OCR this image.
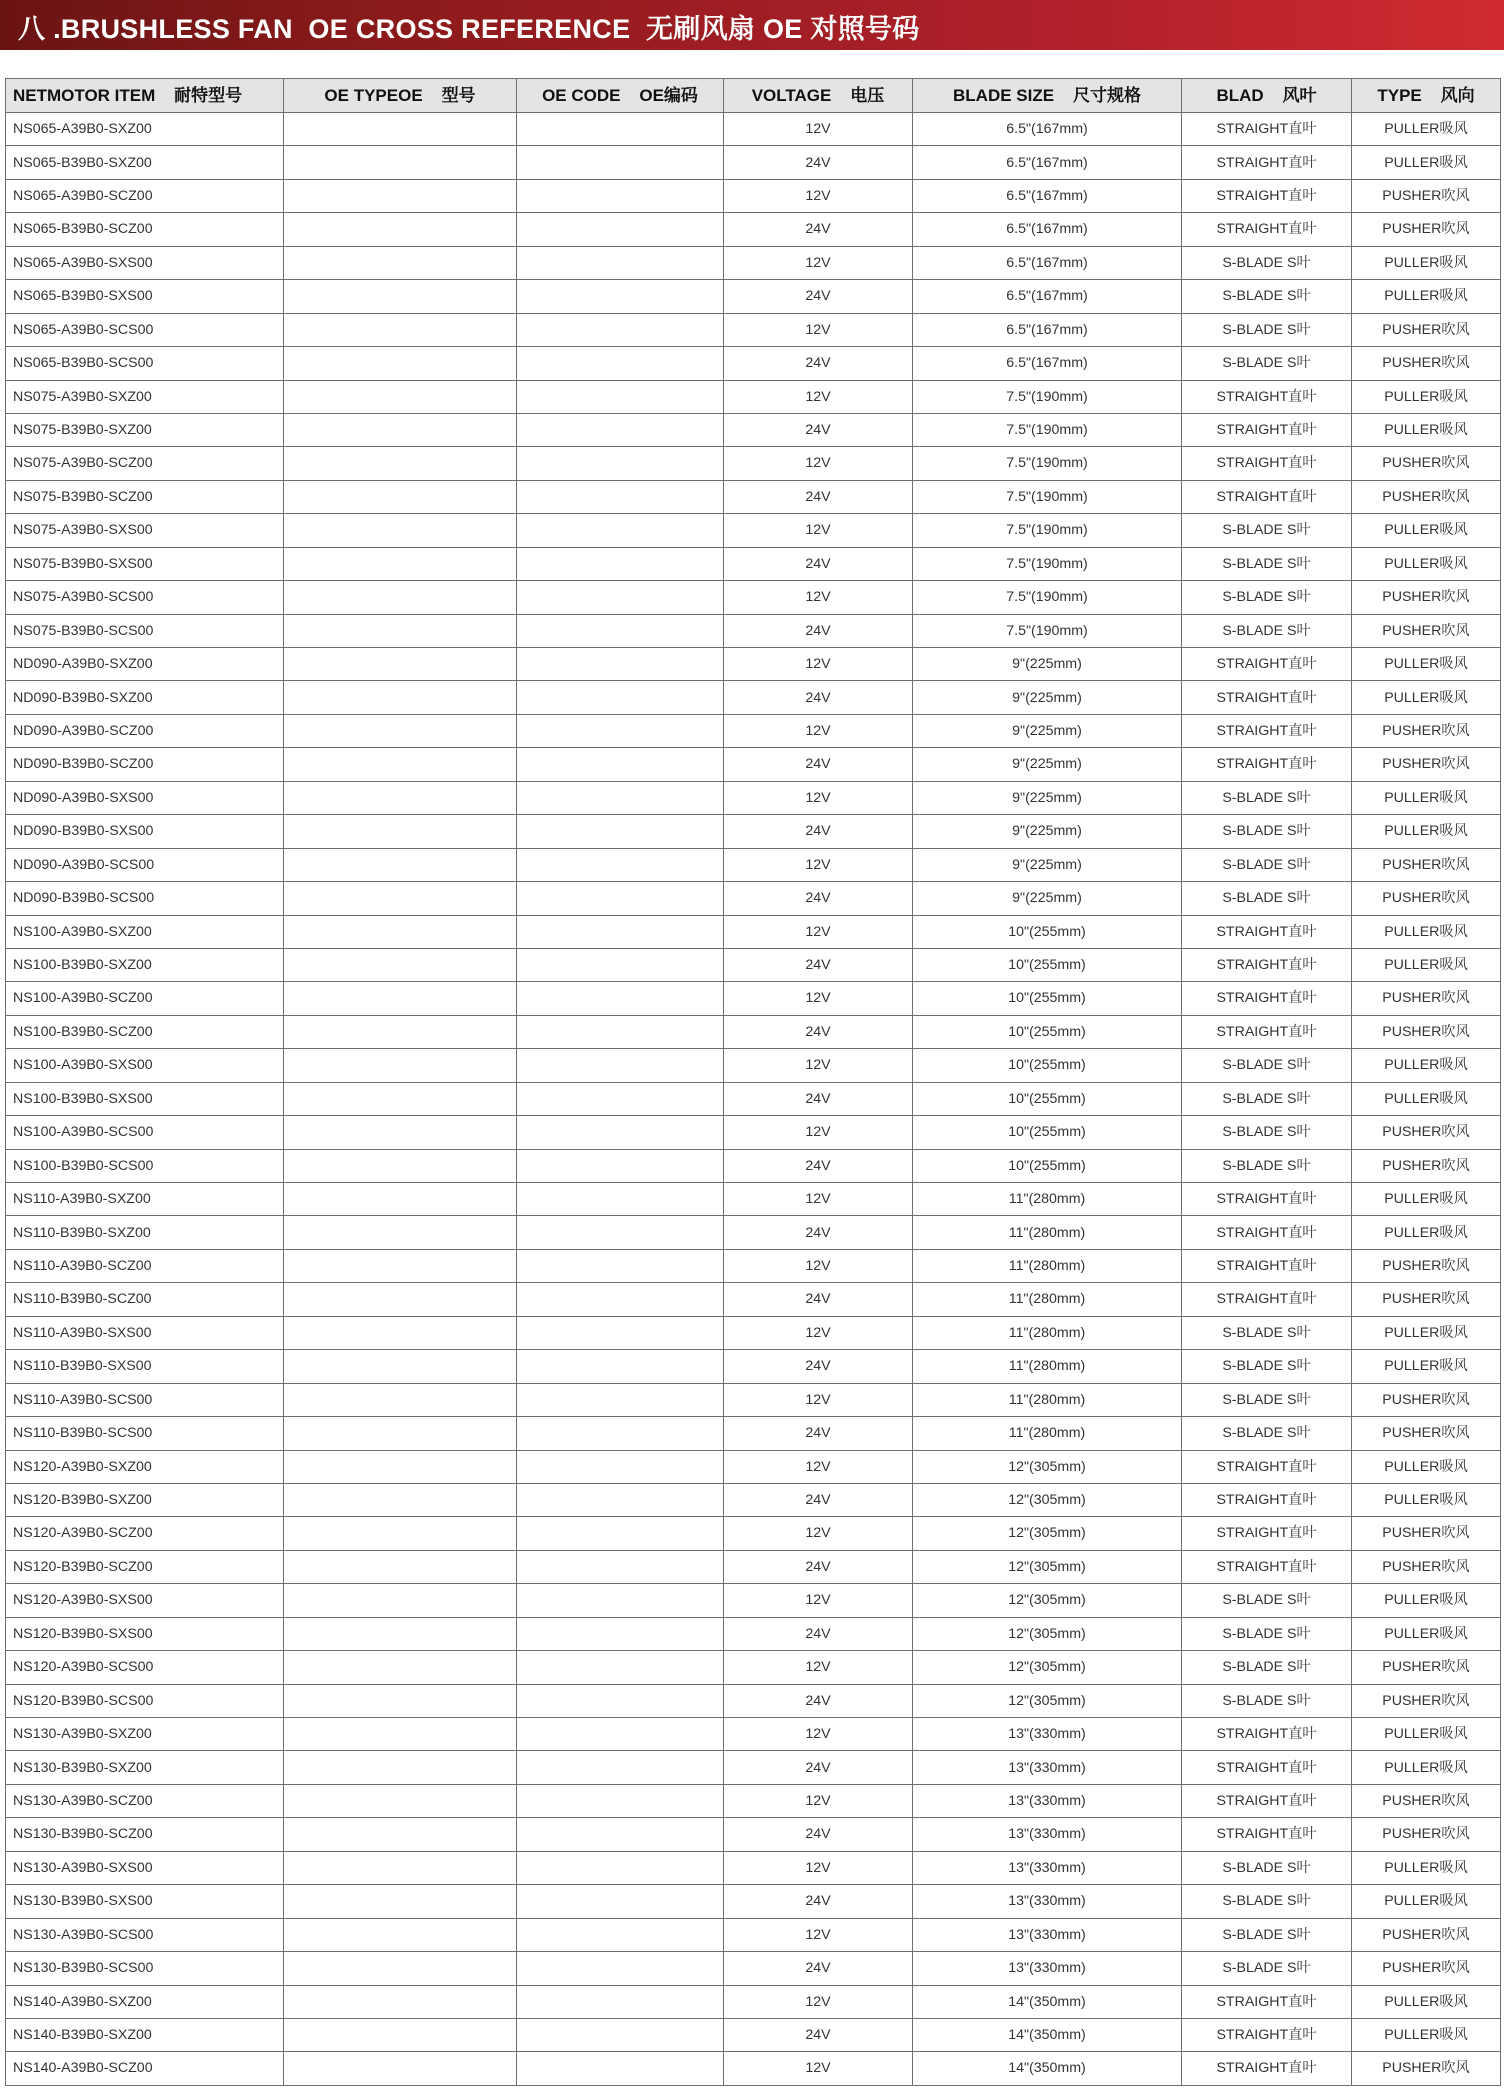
八 .BRUSHLESS FAN  OE CROSS REFERENCE  无刷风扇 OE 对照号码
NETMOTOR ITEM    耐特型号	OE TYPEOE    型号	OE CODE    OE编码	VOLTAGE    电压	BLADE SIZE    尺寸规格	BLAD    风叶	TYPE    风向
NS065-A39B0-SXZ00			12V	6.5"(167mm)	STRAIGHT直叶	PULLER吸风
NS065-B39B0-SXZ00			24V	6.5"(167mm)	STRAIGHT直叶	PULLER吸风
NS065-A39B0-SCZ00			12V	6.5"(167mm)	STRAIGHT直叶	PUSHER吹风
NS065-B39B0-SCZ00			24V	6.5"(167mm)	STRAIGHT直叶	PUSHER吹风
NS065-A39B0-SXS00			12V	6.5"(167mm)	S-BLADE S叶	PULLER吸风
NS065-B39B0-SXS00			24V	6.5"(167mm)	S-BLADE S叶	PULLER吸风
NS065-A39B0-SCS00			12V	6.5"(167mm)	S-BLADE S叶	PUSHER吹风
NS065-B39B0-SCS00			24V	6.5"(167mm)	S-BLADE S叶	PUSHER吹风
NS075-A39B0-SXZ00			12V	7.5"(190mm)	STRAIGHT直叶	PULLER吸风
NS075-B39B0-SXZ00			24V	7.5"(190mm)	STRAIGHT直叶	PULLER吸风
NS075-A39B0-SCZ00			12V	7.5"(190mm)	STRAIGHT直叶	PUSHER吹风
NS075-B39B0-SCZ00			24V	7.5"(190mm)	STRAIGHT直叶	PUSHER吹风
NS075-A39B0-SXS00			12V	7.5"(190mm)	S-BLADE S叶	PULLER吸风
NS075-B39B0-SXS00			24V	7.5"(190mm)	S-BLADE S叶	PULLER吸风
NS075-A39B0-SCS00			12V	7.5"(190mm)	S-BLADE S叶	PUSHER吹风
NS075-B39B0-SCS00			24V	7.5"(190mm)	S-BLADE S叶	PUSHER吹风
ND090-A39B0-SXZ00			12V	9"(225mm)	STRAIGHT直叶	PULLER吸风
ND090-B39B0-SXZ00			24V	9"(225mm)	STRAIGHT直叶	PULLER吸风
ND090-A39B0-SCZ00			12V	9"(225mm)	STRAIGHT直叶	PUSHER吹风
ND090-B39B0-SCZ00			24V	9"(225mm)	STRAIGHT直叶	PUSHER吹风
ND090-A39B0-SXS00			12V	9"(225mm)	S-BLADE S叶	PULLER吸风
ND090-B39B0-SXS00			24V	9"(225mm)	S-BLADE S叶	PULLER吸风
ND090-A39B0-SCS00			12V	9"(225mm)	S-BLADE S叶	PUSHER吹风
ND090-B39B0-SCS00			24V	9"(225mm)	S-BLADE S叶	PUSHER吹风
NS100-A39B0-SXZ00			12V	10"(255mm)	STRAIGHT直叶	PULLER吸风
NS100-B39B0-SXZ00			24V	10"(255mm)	STRAIGHT直叶	PULLER吸风
NS100-A39B0-SCZ00			12V	10"(255mm)	STRAIGHT直叶	PUSHER吹风
NS100-B39B0-SCZ00			24V	10"(255mm)	STRAIGHT直叶	PUSHER吹风
NS100-A39B0-SXS00			12V	10"(255mm)	S-BLADE S叶	PULLER吸风
NS100-B39B0-SXS00			24V	10"(255mm)	S-BLADE S叶	PULLER吸风
NS100-A39B0-SCS00			12V	10"(255mm)	S-BLADE S叶	PUSHER吹风
NS100-B39B0-SCS00			24V	10"(255mm)	S-BLADE S叶	PUSHER吹风
NS110-A39B0-SXZ00			12V	11"(280mm)	STRAIGHT直叶	PULLER吸风
NS110-B39B0-SXZ00			24V	11"(280mm)	STRAIGHT直叶	PULLER吸风
NS110-A39B0-SCZ00			12V	11"(280mm)	STRAIGHT直叶	PUSHER吹风
NS110-B39B0-SCZ00			24V	11"(280mm)	STRAIGHT直叶	PUSHER吹风
NS110-A39B0-SXS00			12V	11"(280mm)	S-BLADE S叶	PULLER吸风
NS110-B39B0-SXS00			24V	11"(280mm)	S-BLADE S叶	PULLER吸风
NS110-A39B0-SCS00			12V	11"(280mm)	S-BLADE S叶	PUSHER吹风
NS110-B39B0-SCS00			24V	11"(280mm)	S-BLADE S叶	PUSHER吹风
NS120-A39B0-SXZ00			12V	12"(305mm)	STRAIGHT直叶	PULLER吸风
NS120-B39B0-SXZ00			24V	12"(305mm)	STRAIGHT直叶	PULLER吸风
NS120-A39B0-SCZ00			12V	12"(305mm)	STRAIGHT直叶	PUSHER吹风
NS120-B39B0-SCZ00			24V	12"(305mm)	STRAIGHT直叶	PUSHER吹风
NS120-A39B0-SXS00			12V	12"(305mm)	S-BLADE S叶	PULLER吸风
NS120-B39B0-SXS00			24V	12"(305mm)	S-BLADE S叶	PULLER吸风
NS120-A39B0-SCS00			12V	12"(305mm)	S-BLADE S叶	PUSHER吹风
NS120-B39B0-SCS00			24V	12"(305mm)	S-BLADE S叶	PUSHER吹风
NS130-A39B0-SXZ00			12V	13"(330mm)	STRAIGHT直叶	PULLER吸风
NS130-B39B0-SXZ00			24V	13"(330mm)	STRAIGHT直叶	PULLER吸风
NS130-A39B0-SCZ00			12V	13"(330mm)	STRAIGHT直叶	PUSHER吹风
NS130-B39B0-SCZ00			24V	13"(330mm)	STRAIGHT直叶	PUSHER吹风
NS130-A39B0-SXS00			12V	13"(330mm)	S-BLADE S叶	PULLER吸风
NS130-B39B0-SXS00			24V	13"(330mm)	S-BLADE S叶	PULLER吸风
NS130-A39B0-SCS00			12V	13"(330mm)	S-BLADE S叶	PUSHER吹风
NS130-B39B0-SCS00			24V	13"(330mm)	S-BLADE S叶	PUSHER吹风
NS140-A39B0-SXZ00			12V	14"(350mm)	STRAIGHT直叶	PULLER吸风
NS140-B39B0-SXZ00			24V	14"(350mm)	STRAIGHT直叶	PULLER吸风
NS140-A39B0-SCZ00			12V	14"(350mm)	STRAIGHT直叶	PUSHER吹风
